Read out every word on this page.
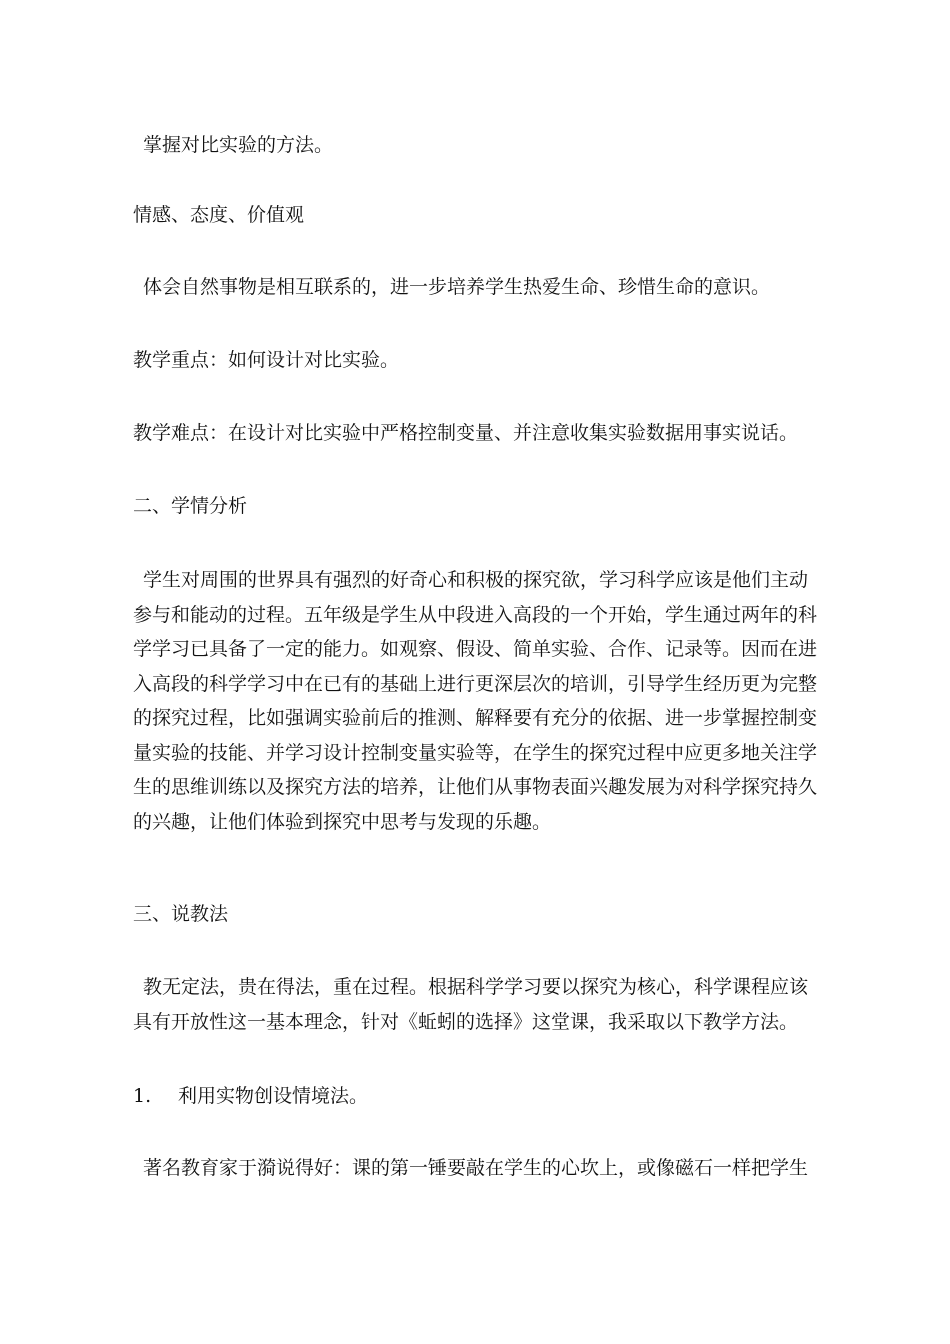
掌握对比实验的方法。

情感、态度、价值观

体会自然事物是相互联系的，进一步培养学生热爱生命、珍惜生命的意识。

教学重点：如何设计对比实验。

教学难点：在设计对比实验中严格控制变量、并注意收集实验数据用事实说话。

二、学情分析

学生对周围的世界具有强烈的好奇心和积极的探究欲，学习科学应该是他们主动参与和能动的过程。五年级是学生从中段进入高段的一个开始，学生通过两年的科学学习已具备了一定的能力。如观察、假设、简单实验、合作、记录等。因而在进入高段的科学学习中在已有的基础上进行更深层次的培训，引导学生经历更为完整的探究过程，比如强调实验前后的推测、解释要有充分的依据、进一步掌握控制变量实验的技能、并学习设计控制变量实验等，在学生的探究过程中应更多地关注学生的思维训练以及探究方法的培养，让他们从事物表面兴趣发展为对科学探究持久的兴趣，让他们体验到探究中思考与发现的乐趣。

三、说教法

教无定法，贵在得法，重在过程。根据科学学习要以探究为核心，科学课程应该具有开放性这一基本理念，针对《蚯蚓的选择》这堂课，我采取以下教学方法。

1. 利用实物创设情境法。

著名教育家于漪说得好：课的第一锤要敲在学生的心坎上，或像磁石一样把学生
